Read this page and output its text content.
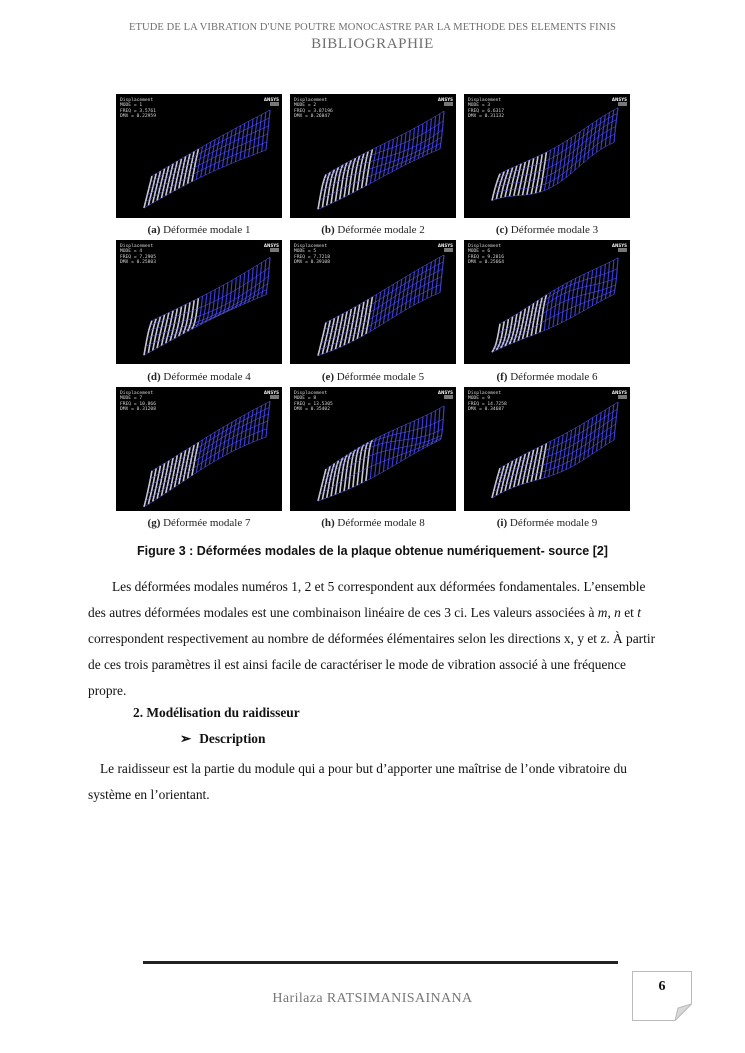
ETUDE DE LA VIBRATION D'UNE POUTRE MONOCASTRE PAR LA METHODE DES ELEMENTS FINIS
BIBLIOGRAPHIE
Displacement
MODE = 1
FREQ = 3.5761
DMX = 0.22959
ANSYS
(a) Déformée modale 1
Displacement
MODE = 2
FREQ = 3.87196
DMX = 0.26847
ANSYS
(b) Déformée modale 2
Displacement
MODE = 3
FREQ = 6.6317
DMX = 0.31132
ANSYS
(c) Déformée modale 3
Displacement
MODE = 4
FREQ = 7.2905
DMX = 0.25803
ANSYS
(d) Déformée modale 4
Displacement
MODE = 5
FREQ = 7.7218
DMX = 0.39108
ANSYS
(e) Déformée modale 5
Displacement
MODE = 6
FREQ = 9.2816
DMX = 0.25664
ANSYS
(f) Déformée modale 6
Displacement
MODE = 7
FREQ = 10.866
DMX = 0.31208
ANSYS
(g) Déformée modale 7
Displacement
MODE = 8
FREQ = 13.5305
DMX = 0.35402
ANSYS
(h) Déformée modale 8
Displacement
MODE = 9
FREQ = 14.7258
DMX = 0.34687
ANSYS
(i) Déformée modale 9
Figure 3 : Déformées modales de la plaque obtenue numériquement- source [2]

Les déformées modales numéros 1, 2 et 5 correspondent aux déformées fondamentales. L’ensemble des autres déformées modales est une combinaison linéaire de ces 3 ci. Les valeurs associées à m, n et t correspondent respectivement au nombre de déformées élémentaires selon les directions x, y et z. À partir de ces trois paramètres il est ainsi facile de caractériser le mode de vibration associé à une fréquence propre.

2. Modélisation du raidisseur
➢ Description

Le raidisseur est la partie du module qui a pour but d’apporter une maîtrise de l’onde vibratoire du système en l’orientant.

Harilaza RATSIMANISAINANA
6
